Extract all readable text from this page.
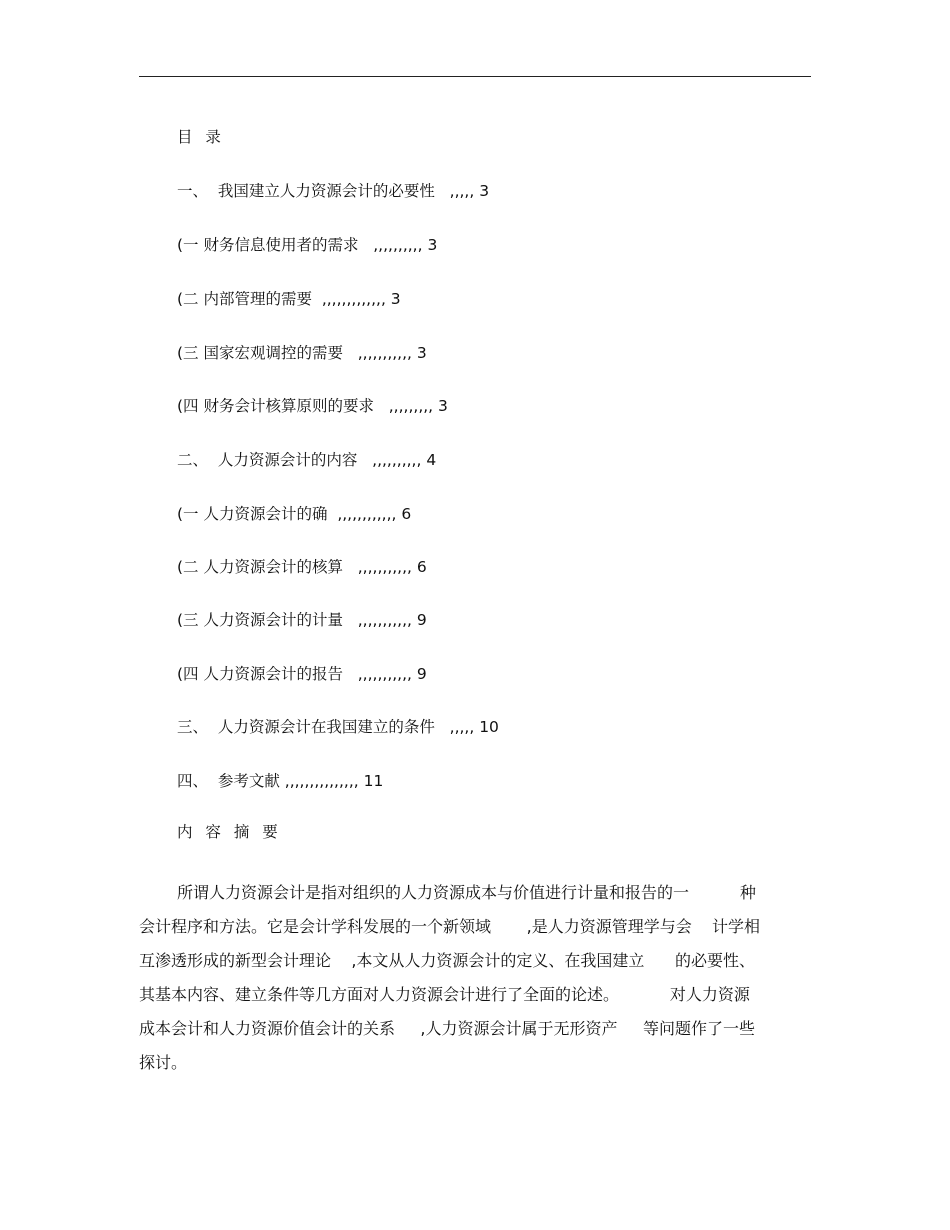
目 录
一、  我国建立人力资源会计的必要性   ,,,,, 3
(一 财务信息使用者的需求   ,,,,,,,,,, 3
(二 内部管理的需要  ,,,,,,,,,,,,, 3
(三 国家宏观调控的需要   ,,,,,,,,,,, 3
(四 财务会计核算原则的要求   ,,,,,,,,, 3
二、  人力资源会计的内容   ,,,,,,,,,, 4
(一 人力资源会计的确  ,,,,,,,,,,,, 6
(二 人力资源会计的核算   ,,,,,,,,,,, 6
(三 人力资源会计的计量   ,,,,,,,,,,, 9
(四 人力资源会计的报告   ,,,,,,,,,,, 9
三、  人力资源会计在我国建立的条件   ,,,,, 10
四、  参考文献 ,,,,,,,,,,,,,,, 11
内 容 摘 要
所谓人力资源会计是指对组织的人力资源成本与价值进行计量和报告的一          种
会计程序和方法。它是会计学科发展的一个新领域       ,是人力资源管理学与会    计学相
互渗透形成的新型会计理论    ,本文从人力资源会计的定义、在我国建立      的必要性、
其基本内容、建立条件等几方面对人力资源会计进行了全面的论述。          对人力资源
成本会计和人力资源价值会计的关系     ,人力资源会计属于无形资产     等问题作了一些
探讨。
